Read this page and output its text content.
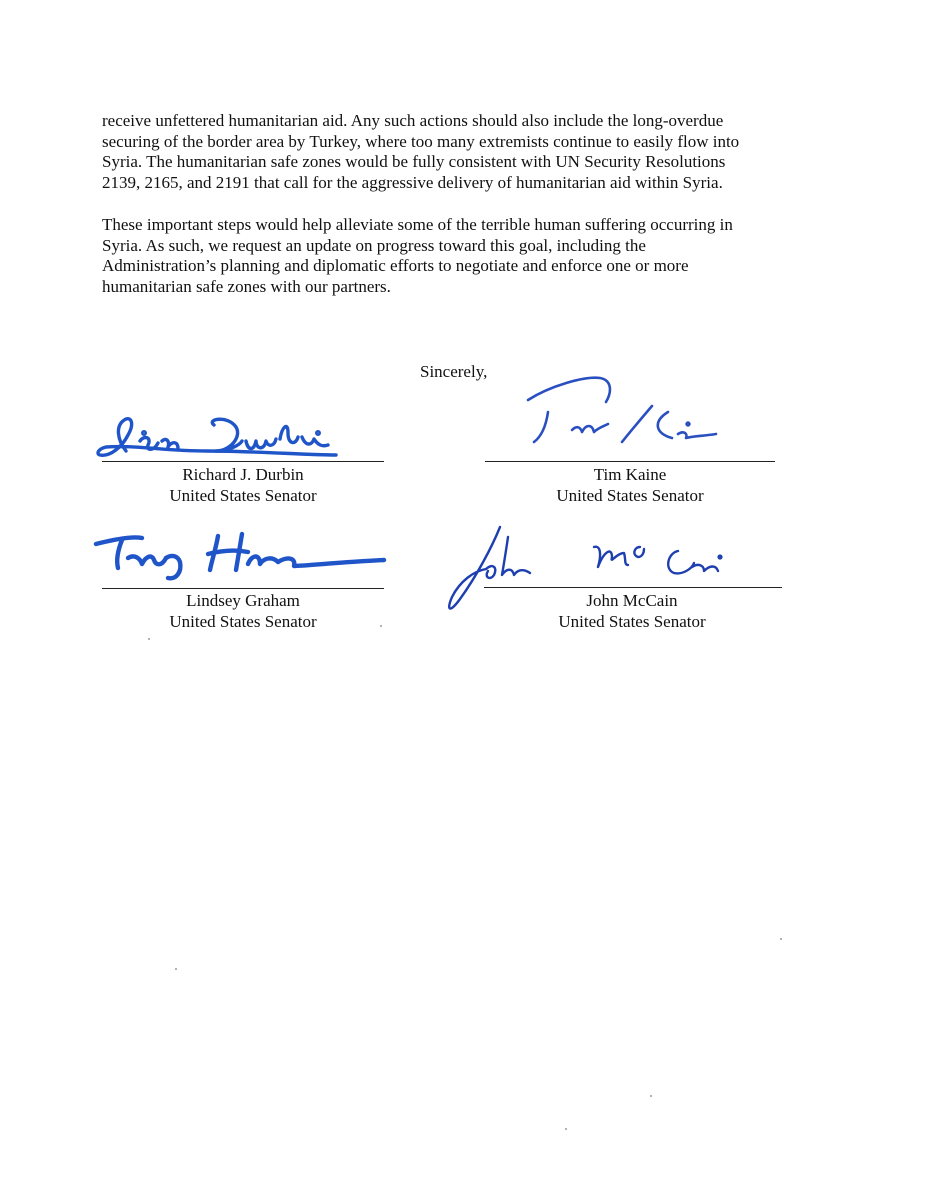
receive unfettered humanitarian aid. Any such actions should also include the long-overdue
securing of the border area by Turkey, where too many extremists continue to easily flow into
Syria. The humanitarian safe zones would be fully consistent with UN Security Resolutions
2139, 2165, and 2191 that call for the aggressive delivery of humanitarian aid within Syria.

These important steps would help alleviate some of the terrible human suffering occurring in
Syria. As such, we request an update on progress toward this goal, including the
Administration’s planning and diplomatic efforts to negotiate and enforce one or more
humanitarian safe zones with our partners.

Sincerely,
Richard J. Durbin
United States Senator
Tim Kaine
United States Senator
Lindsey Graham
United States Senator
John McCain
United States Senator
